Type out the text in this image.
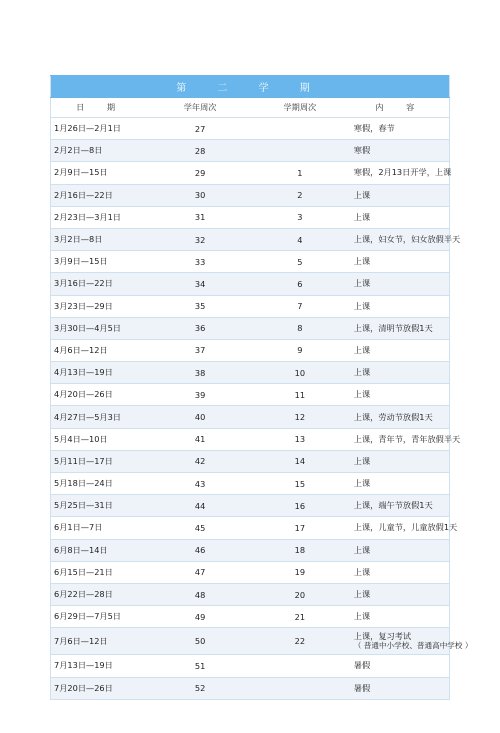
第 二 学 期			
日 期	学年周次	学期周次	内 容
1月26日—2月1日	27		寒假，春节
2月2日—8日	28		寒假
2月9日—15日	29	1	寒假，2月13日开学，上课
2月16日—22日	30	2	上课
2月23日—3月1日	31	3	上课
3月2日—8日	32	4	上课，妇女节，妇女放假半天
3月9日—15日	33	5	上课
3月16日—22日	34	6	上课
3月23日—29日	35	7	上课
3月30日—4月5日	36	8	上课，清明节放假1天
4月6日—12日	37	9	上课
4月13日—19日	38	10	上课
4月20日—26日	39	11	上课
4月27日—5月3日	40	12	上课，劳动节放假1天
5月4日—10日	41	13	上课，青年节，青年放假半天
5月11日—17日	42	14	上课
5月18日—24日	43	15	上课
5月25日—31日	44	16	上课，端午节放假1天
6月1日—7日	45	17	上课，儿童节，儿童放假1天
6月8日—14日	46	18	上课
6月15日—21日	47	19	上课
6月22日—28日	48	20	上课
6月29日—7月5日	49	21	上课
7月6日—12日	50	22	上课，复习考试
（ 普通中小学校、普通高中学校 ）

7月13日—19日	51		暑假
7月20日—26日	52		暑假
